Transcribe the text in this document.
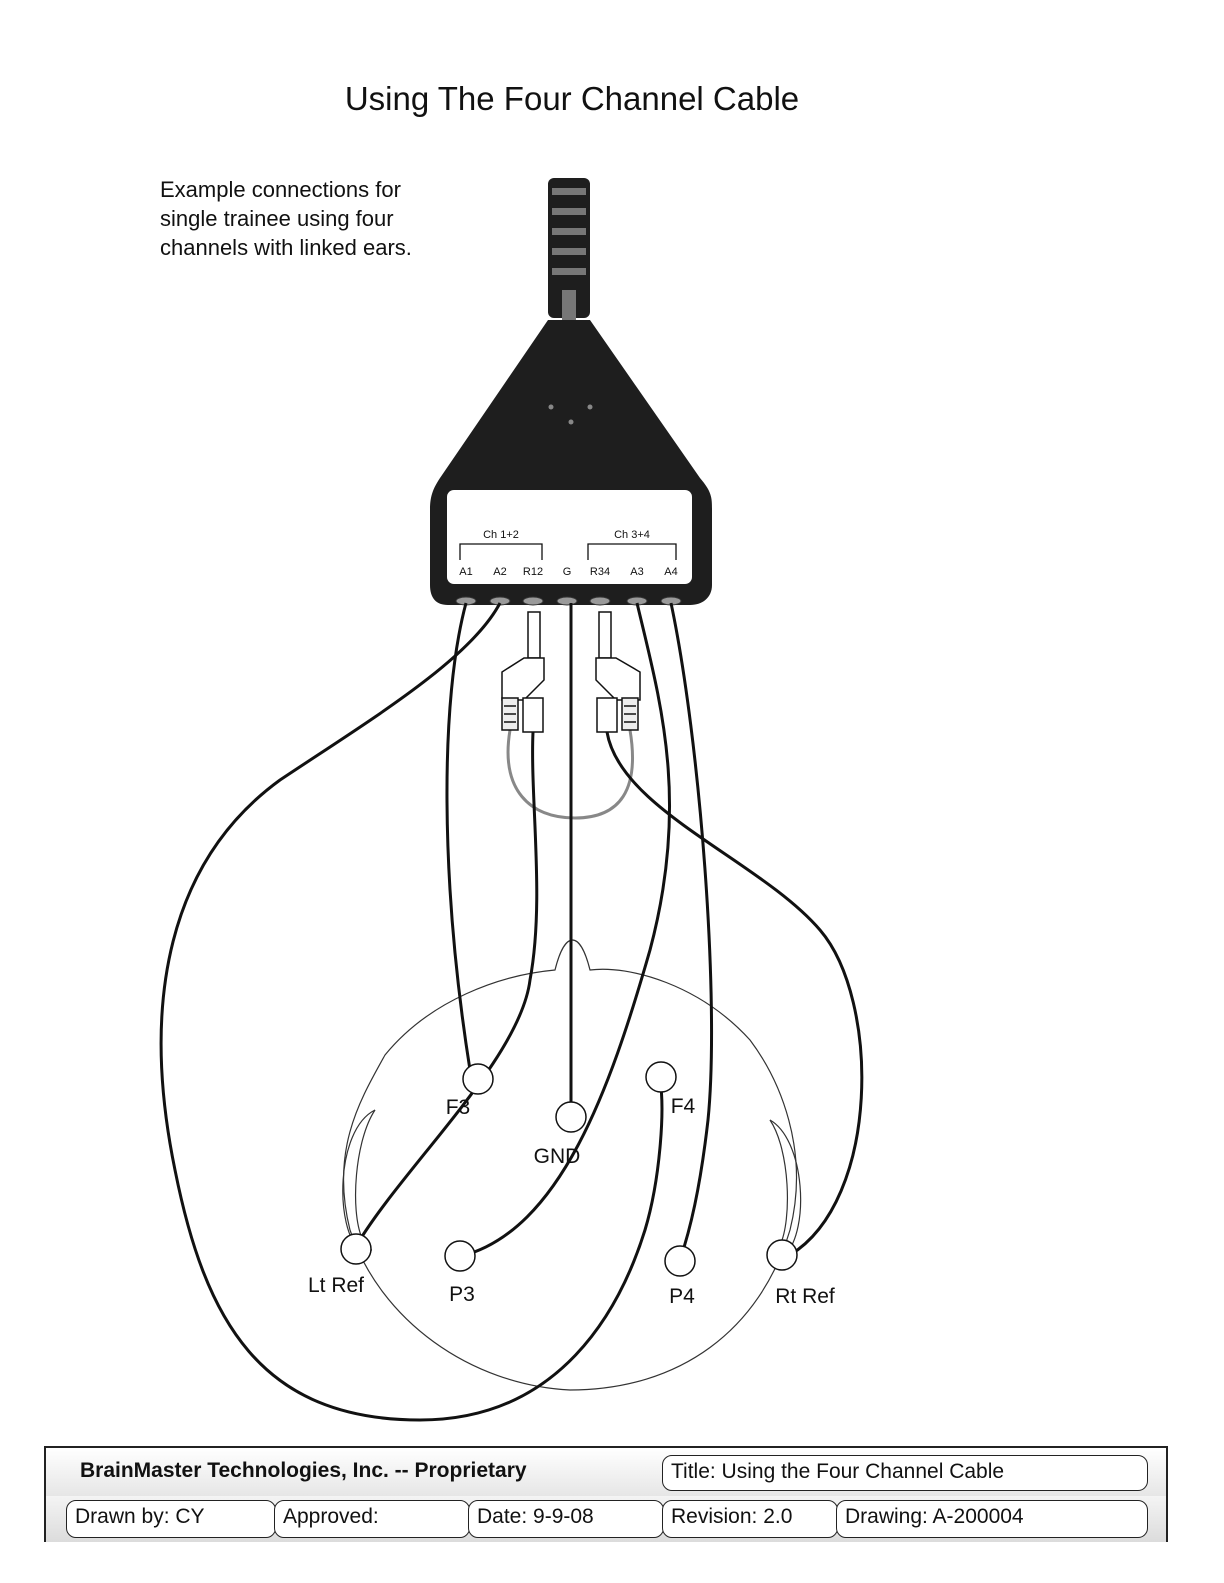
Using The Four Channel Cable
Example connections for
single trainee using four
channels with linked ears.
Ch 1+2	Ch 3+4
A1 A2 R12 G R34 A3 A4
F3	F4
GND
Lt Ref	P3	P4	Rt Ref
BrainMaster Technologies, Inc. -- Proprietary	Title: Using the Four Channel Cable
Drawn by: CY	Approved:	Date: 9-9-08	Revision: 2.0	Drawing: A-200004
